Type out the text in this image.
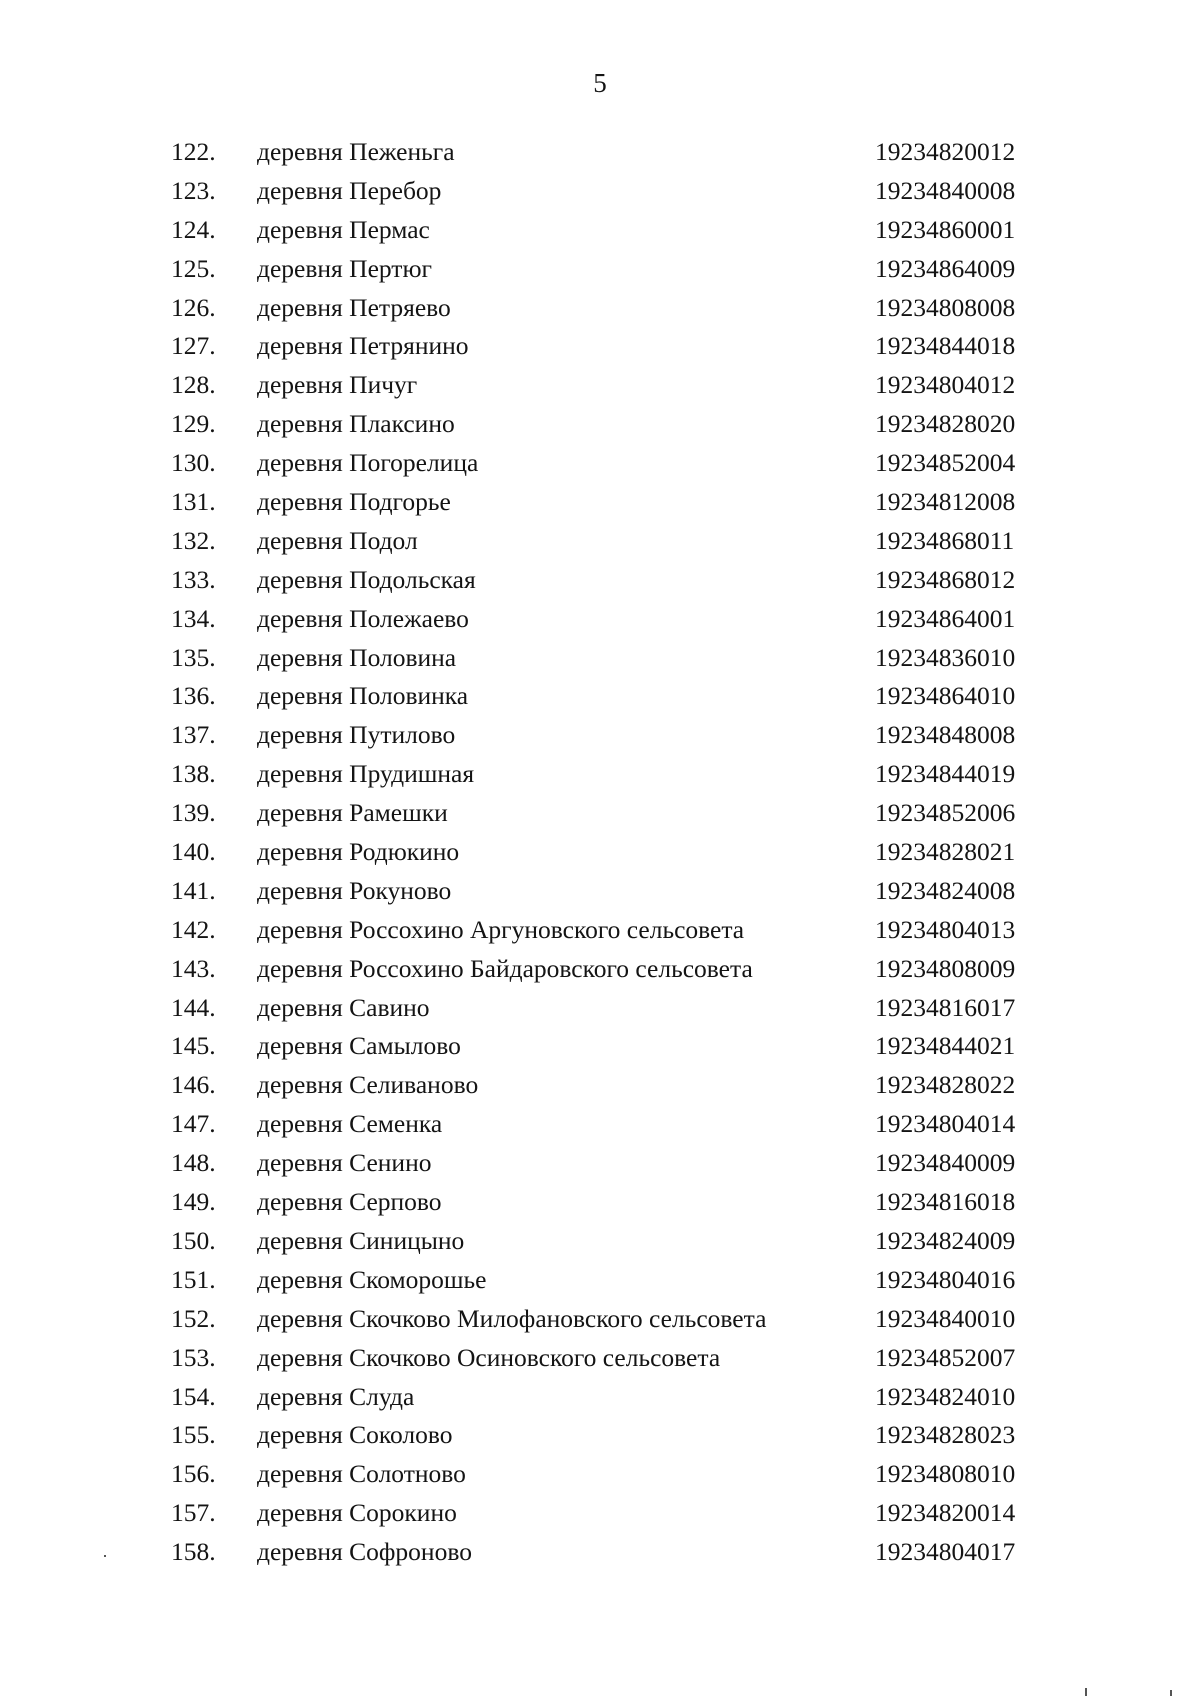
5
122. деревня Пеженьга	19234820012
123. деревня Перебор	19234840008
124. деревня Пермас	19234860001
125. деревня Пертюг	19234864009
126. деревня Петряево	19234808008
127. деревня Петрянино	19234844018
128. деревня Пичуг	19234804012
129. деревня Плаксино	19234828020
130. деревня Погорелица	19234852004
131. деревня Подгорье	19234812008
132. деревня Подол	19234868011
133. деревня Подольская	19234868012
134. деревня Полежаево	19234864001
135. деревня Половина	19234836010
136. деревня Половинка	19234864010
137. деревня Путилово	19234848008
138. деревня Прудишная	19234844019
139. деревня Рамешки	19234852006
140. деревня Родюкино	19234828021
141. деревня Рокуново	19234824008
142. деревня Россохино Аргуновского сельсовета	19234804013
143. деревня Россохино Байдаровского сельсовета	19234808009
144. деревня Савино	19234816017
145. деревня Самылово	19234844021
146. деревня Селиваново	19234828022
147. деревня Семенка	19234804014
148. деревня Сенино	19234840009
149. деревня Серпово	19234816018
150. деревня Синицыно	19234824009
151. деревня Скоморошье	19234804016
152. деревня Скочково Милофановского сельсовета	19234840010
153. деревня Скочково Осиновского сельсовета	19234852007
154. деревня Слуда	19234824010
155. деревня Соколово	19234828023
156. деревня Солотново	19234808010
157. деревня Сорокино	19234820014
158. деревня Софроново	19234804017
